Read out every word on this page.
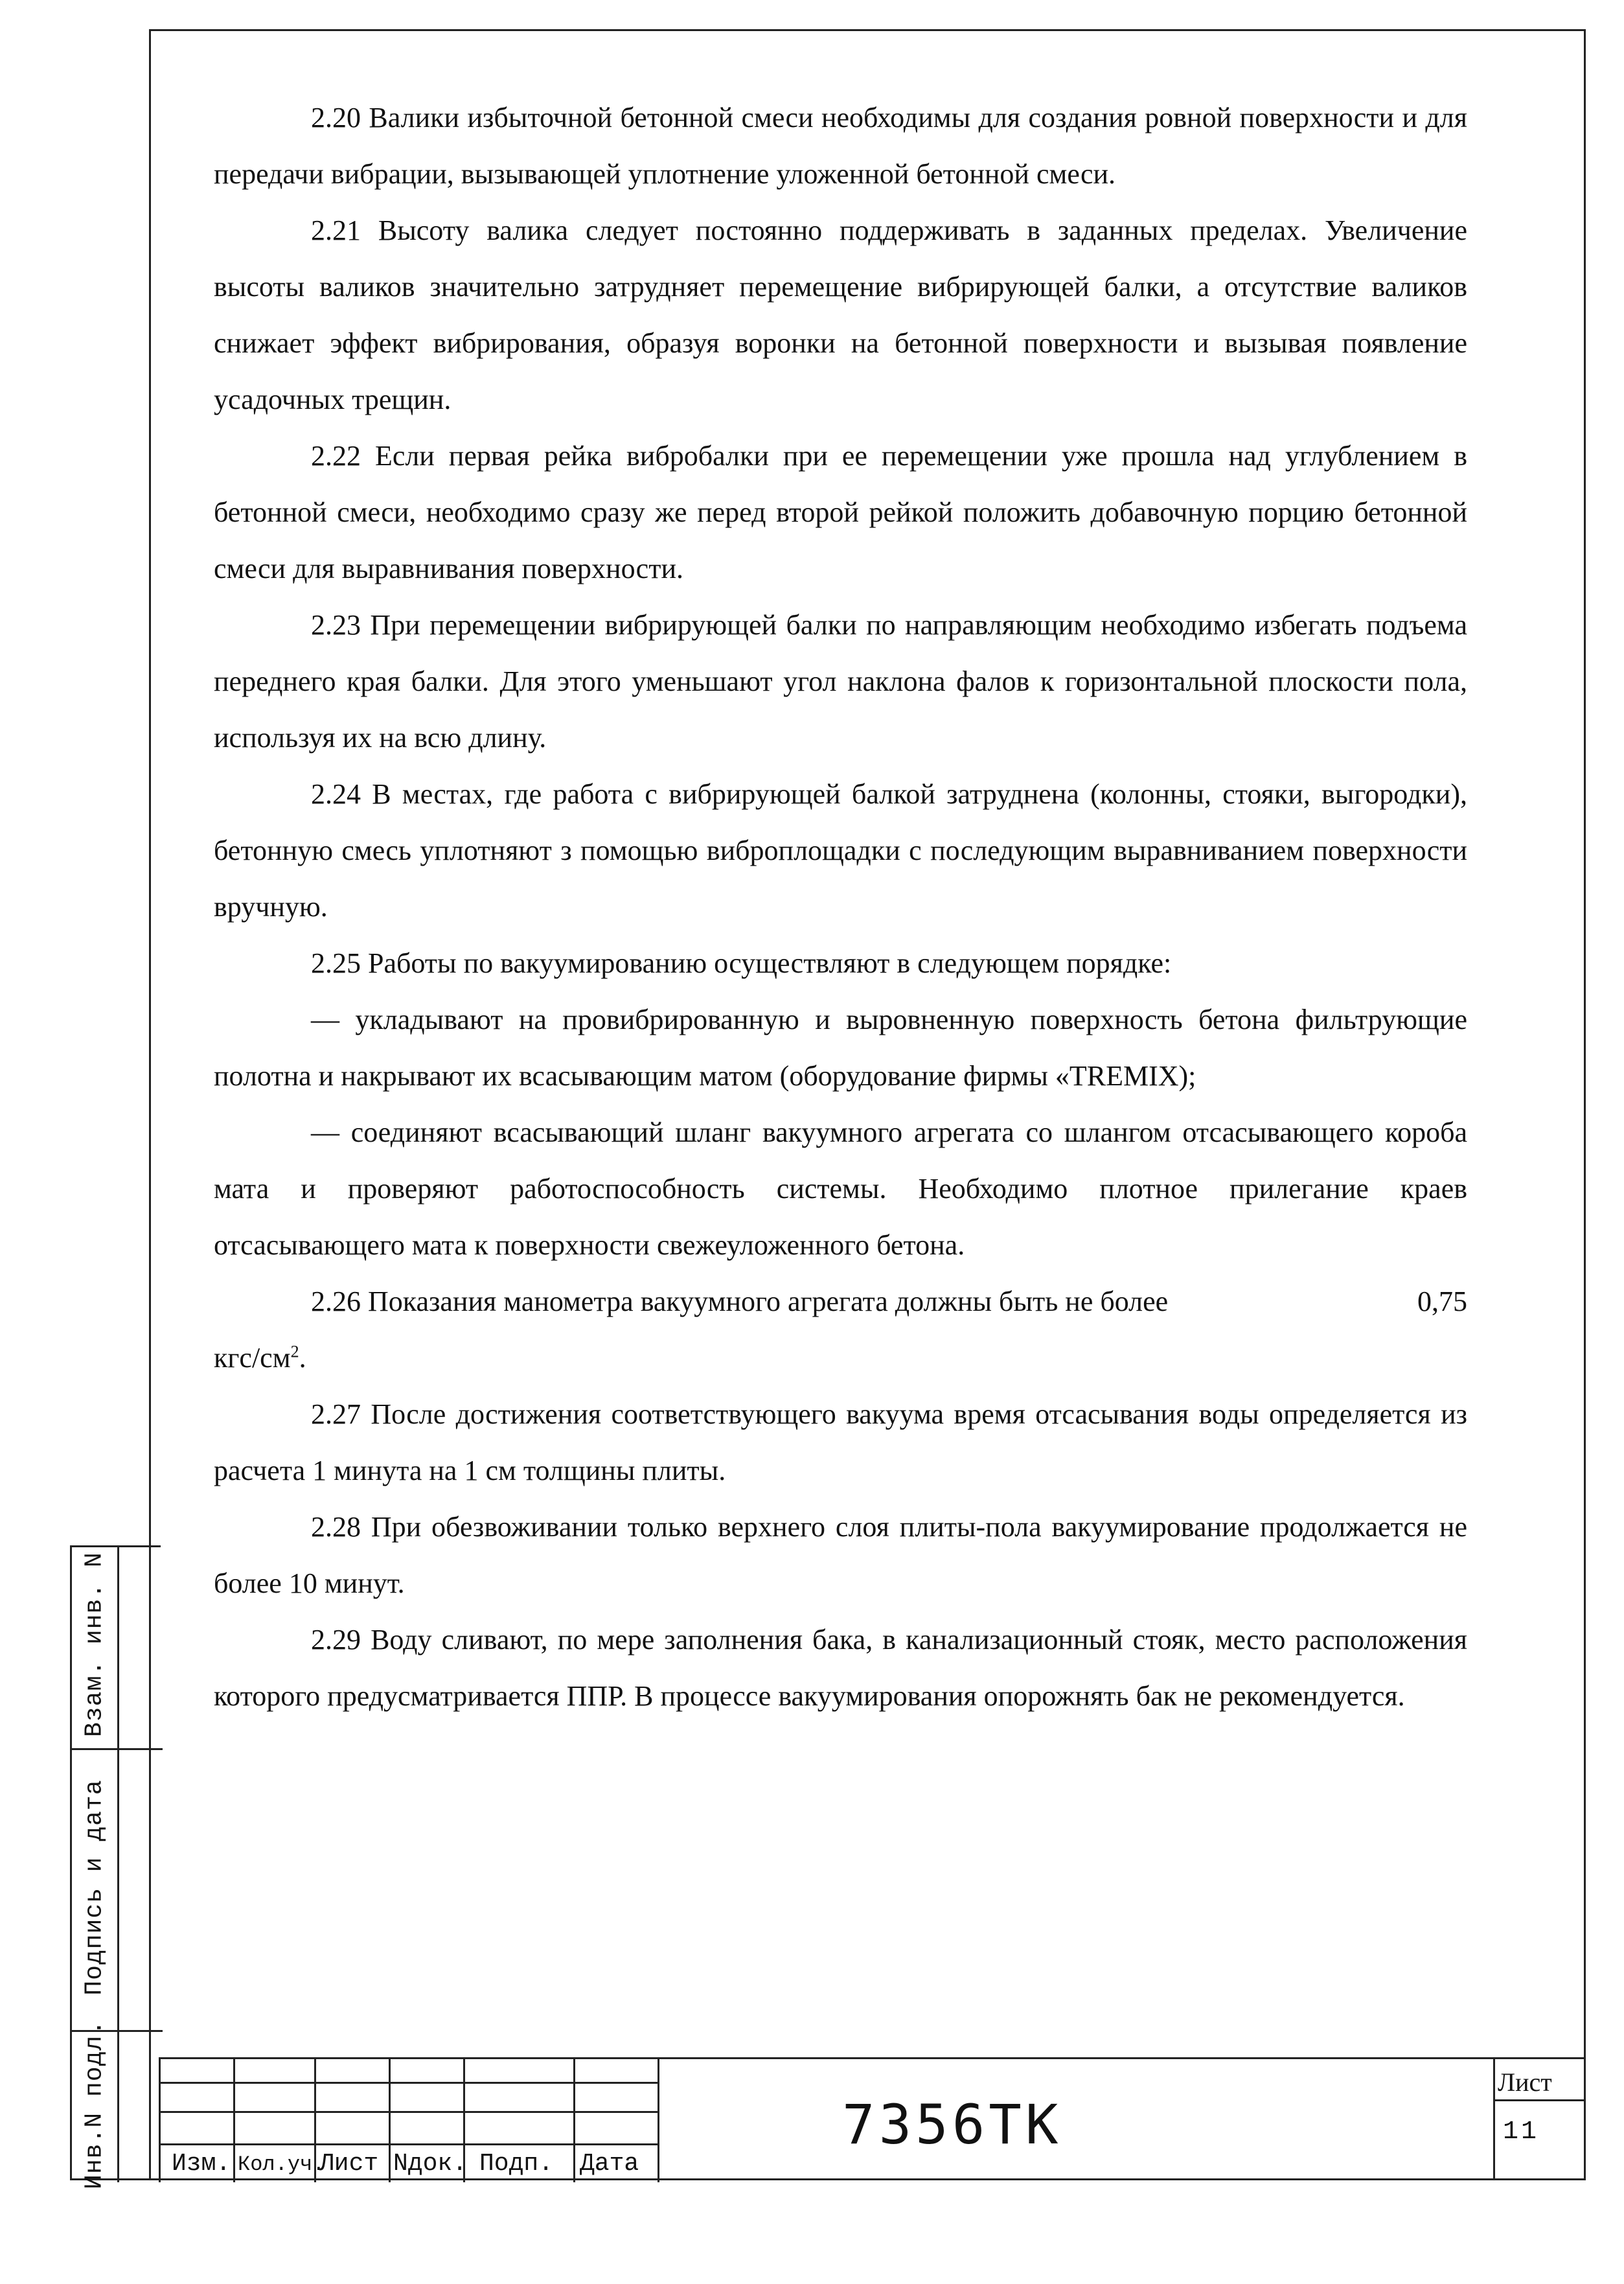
2.20 Валики избыточной бетонной смеси необходимы для создания ровной поверхности и для передачи вибрации, вызывающей уплотнение уложенной бетонной смеси.

2.21 Высоту валика следует постоянно поддерживать в заданных пределах. Увеличение высоты валиков значительно затрудняет перемещение вибрирующей балки, а отсутствие валиков снижает эффект вибрирования, образуя воронки на бетонной поверхности и вызывая появление усадочных трещин.

2.22 Если первая рейка вибробалки при ее перемещении уже прошла над углублением в бетонной смеси, необходимо сразу же перед второй рейкой положить добавочную порцию бетонной смеси для выравнивания поверхности.

2.23 При перемещении вибрирующей балки по направляющим необходимо избегать подъема переднего края балки. Для этого уменьшают угол наклона фалов к горизонтальной плоскости пола, используя их на всю длину.

2.24 В местах, где работа с вибрирующей балкой затруднена (колонны, стояки, выгородки), бетонную смесь уплотняют з помощью виброплощадки с последующим выравниванием поверхности вручную.

2.25 Работы по вакуумированию осуществляют в следующем порядке:

— укладывают на провибрированную и выровненную поверхность бетона фильтрующие полотна и накрывают их всасывающим матом (оборудование фирмы «TREMIX);

— соединяют всасывающий шланг вакуумного агрегата со шлангом отсасывающего короба мата и проверяют работоспособность системы. Необходимо плотное прилегание краев отсасывающего мата к поверхности свежеуложенного бетона.

2.26 Показания манометра вакуумного агрегата должны быть не более	0,75
кгс/$см^2$.

2.27 После достижения соответствующего вакуума время отсасывания воды определяется из расчета 1 минута на 1 см толщины плиты.

2.28 При обезвоживании только верхнего слоя плиты-пола вакуумирование продолжается не более 10 минут.

2.29 Воду сливают, по мере заполнения бака, в канализационный стояк, место расположения которого предусматривается ППР. В процессе вакуумирования опорожнять бак не рекомендуется.

Взам. инв. N
Подпись и дата
Инв.N подл.	Изм. Кол.уч.
Лист Nдок. Подп. Дата
7356ТК
Лист
11
